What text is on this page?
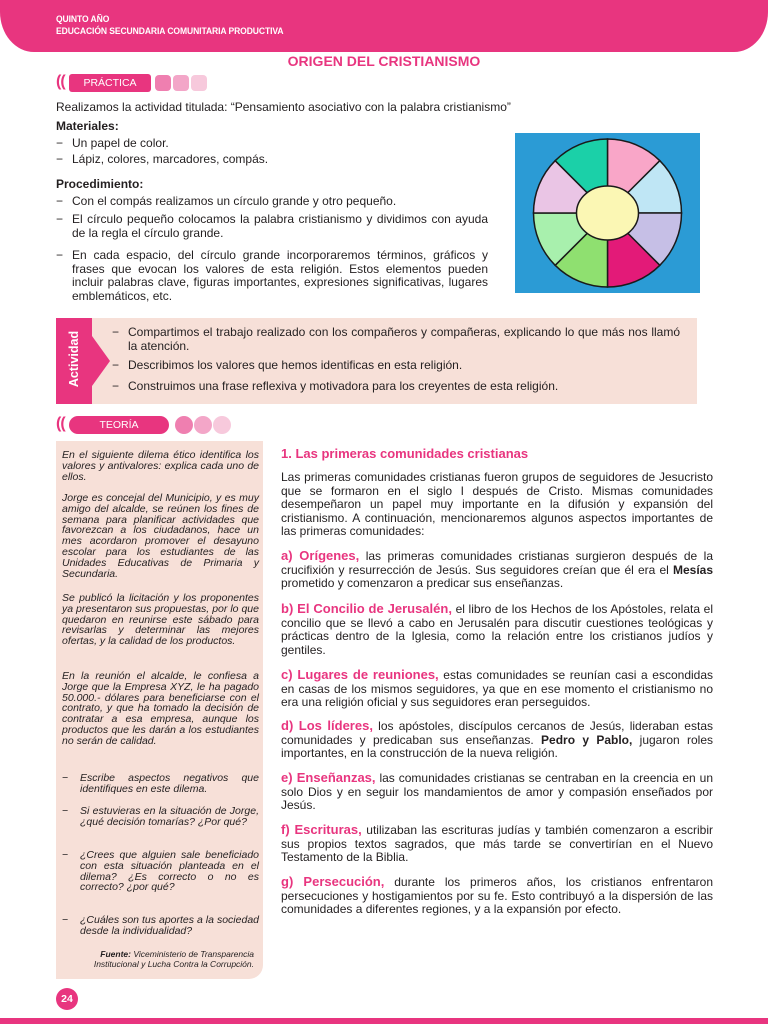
QUINTO AÑO
EDUCACIÓN SECUNDARIA COMUNITARIA PRODUCTIVA
ORIGEN DEL CRISTIANISMO
((	PRÁCTICA
Realizamos la actividad titulada: “Pensamiento asociativo con la palabra cristianismo”
Materiales:
− Un papel de color.
− Lápiz, colores, marcadores, compás.
Procedimiento:
− Con el compás realizamos un círculo grande y otro pequeño.
− El círculo pequeño colocamos la palabra cristianismo y dividimos con ayuda de la regla el círculo grande.
− En cada espacio, del círculo grande incorporaremos términos, gráficos y frases que evocan los valores de esta religión. Estos elementos pueden incluir palabras clave, figuras importantes, expresiones significativas, lugares emblemáticos, etc.
Actividad	− Compartimos el trabajo realizado con los compañeros y compañeras, explicando lo que más nos llamó la atención.
− Describimos los valores que hemos identificas en esta religión.
− Construimos una frase reflexiva y motivadora para los creyentes de esta religión.
((	TEORÍA
En el siguiente dilema ético identifica los valores y antivalores: explica cada uno de ellos.
Jorge es concejal del Municipio, y es muy amigo del alcalde, se reúnen los fines de semana para planificar actividades que favorezcan a los ciudadanos, hace un mes acordaron promover el desayuno escolar para los estudiantes de las Unidades Educativas de Primaria y Secundaria.
Se publicó la licitación y los proponentes ya presentaron sus propuestas, por lo que quedaron en reunirse este sábado para revisarlas y determinar las mejores ofertas, y la calidad de los productos.
En la reunión el alcalde, le confiesa a Jorge que la Empresa XYZ, le ha pagado 50.000.- dólares para beneficiarse con el contrato, y que ha tomado la decisión de contratar a esa empresa, aunque los productos que les darán a los estudiantes no serán de calidad.
−	Escribe aspectos negativos que identifiques en este dilema.
−	Si estuvieras en la situación de Jorge, ¿qué decisión tomarías? ¿Por qué?
−	¿Crees que alguien sale beneficiado con esta situación planteada en el dilema? ¿Es correcto o no es correcto? ¿por qué?
−	¿Cuáles son tus aportes a la sociedad desde la individualidad?
Fuente: Viceministerio de Transparencia Institucional y Lucha Contra la Corrupción.
1. Las primeras comunidades cristianas
Las primeras comunidades cristianas fueron grupos de seguidores de Jesucristo que se formaron en el siglo I después de Cristo. Mismas comunidades desempeñaron un papel muy importante en la difusión y expansión del cristianismo. A continuación, mencionaremos algunos aspectos importantes de las primeras comunidades:
a) Orígenes, las primeras comunidades cristianas surgieron después de la crucifixión y resurrección de Jesús. Sus seguidores creían que él era el Mesías prometido y comenzaron a predicar sus enseñanzas.
b) El Concilio de Jerusalén, el libro de los Hechos de los Apóstoles, relata el concilio que se llevó a cabo en Jerusalén para discutir cuestiones teológicas y prácticas dentro de la Iglesia, como la relación entre los cristianos judíos y gentiles.
c) Lugares de reuniones, estas comunidades se reunían casi a escondidas en casas de los mismos seguidores, ya que en ese momento el cristianismo no era una religión oficial y sus seguidores eran perseguidos.
d) Los líderes, los apóstoles, discípulos cercanos de Jesús, lideraban estas comunidades y predicaban sus enseñanzas. Pedro y Pablo, jugaron roles importantes, en la construcción de la nueva religión.
e) Enseñanzas, las comunidades cristianas se centraban en la creencia en un solo Dios y en seguir los mandamientos de amor y compasión enseñados por Jesús.
f) Escrituras, utilizaban las escrituras judías y también comenzaron a escribir sus propios textos sagrados, que más tarde se convertirían en el Nuevo Testamento de la Biblia.
g) Persecución, durante los primeros años, los cristianos enfrentaron persecuciones y hostigamientos por su fe. Esto contribuyó a la dispersión de las comunidades a diferentes regiones, y a la expansión por efecto.
24
